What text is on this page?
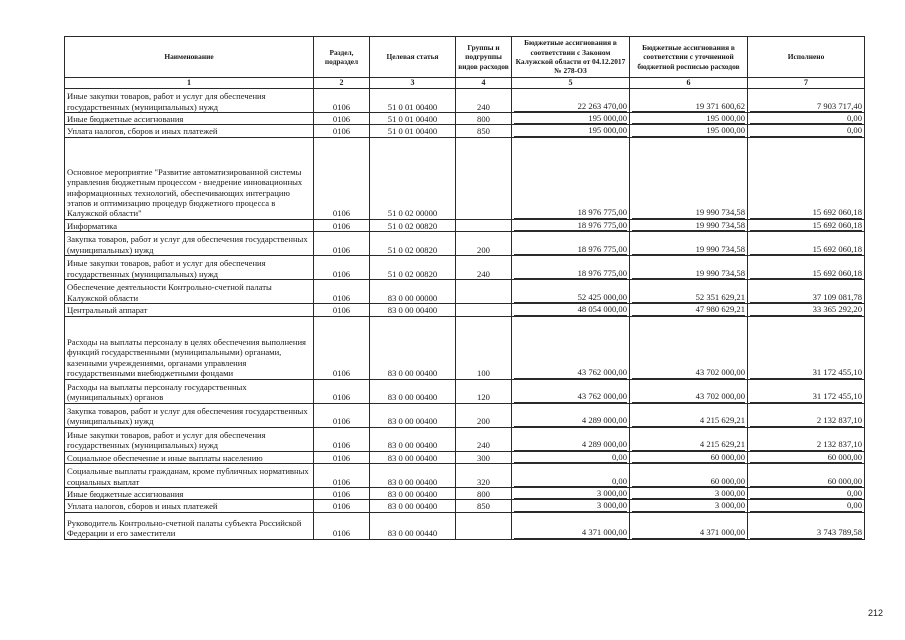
Наименование	Раздел, подраздел	Целевая статья	Группы и подгруппы видов расходов	Бюджетные ассигнования в соответствии с Законом Калужской области от 04.12.2017 № 278-ОЗ	Бюджетные ассигнования в соответствии с уточненной бюджетной росписью расходов	Исполнено
1	2	3	4	5	6	7
Иные закупки товаров, работ и услуг для обеспечения государственных (муниципальных) нужд	0106	51 0 01 00400	240	22 263 470,00	19 371 600,62	7 903 717,40
Иные бюджетные ассигнования	0106	51 0 01 00400	800	195 000,00	195 000,00	0,00
Уплата налогов, сборов и иных платежей	0106	51 0 01 00400	850	195 000,00	195 000,00	0,00
Основное мероприятие "Развитие автоматизированной системы управления бюджетным процессом - внедрение инновационных информационных технологий, обеспечивающих интеграцию этапов и оптимизацию процедур бюджетного процесса в Калужской области"	0106	51 0 02 00000		18 976 775,00	19 990 734,58	15 692 060,18
Информатика	0106	51 0 02 00820		18 976 775,00	19 990 734,58	15 692 060,18
Закупка товаров, работ и услуг для обеспечения государственных (муниципальных) нужд	0106	51 0 02 00820	200	18 976 775,00	19 990 734,58	15 692 060,18
Иные закупки товаров, работ и услуг для обеспечения государственных (муниципальных) нужд	0106	51 0 02 00820	240	18 976 775,00	19 990 734,58	15 692 060,18
Обеспечение деятельности Контрольно-счетной палаты Калужской области	0106	83 0 00 00000		52 425 000,00	52 351 629,21	37 109 081,78
Центральный аппарат	0106	83 0 00 00400		48 054 000,00	47 980 629,21	33 365 292,20
Расходы на выплаты персоналу в целях обеспечения выполнения функций государственными (муниципальными) органами, казенными учреждениями, органами управления государственными внебюджетными фондами	0106	83 0 00 00400	100	43 762 000,00	43 702 000,00	31 172 455,10
Расходы на выплаты персоналу государственных (муниципальных) органов	0106	83 0 00 00400	120	43 762 000,00	43 702 000,00	31 172 455,10
Закупка товаров, работ и услуг для обеспечения государственных (муниципальных) нужд	0106	83 0 00 00400	200	4 289 000,00	4 215 629,21	2 132 837,10
Иные закупки товаров, работ и услуг для обеспечения государственных (муниципальных) нужд	0106	83 0 00 00400	240	4 289 000,00	4 215 629,21	2 132 837,10
Социальное обеспечение и иные выплаты населению	0106	83 0 00 00400	300	0,00	60 000,00	60 000,00
Социальные выплаты гражданам, кроме публичных нормативных социальных выплат	0106	83 0 00 00400	320	0,00	60 000,00	60 000,00
Иные бюджетные ассигнования	0106	83 0 00 00400	800	3 000,00	3 000,00	0,00
Уплата налогов, сборов и иных платежей	0106	83 0 00 00400	850	3 000,00	3 000,00	0,00
Руководитель Контрольно-счетной палаты субъекта Российской Федерации и его заместители	0106	83 0 00 00440		4 371 000,00	4 371 000,00	3 743 789,58
212
